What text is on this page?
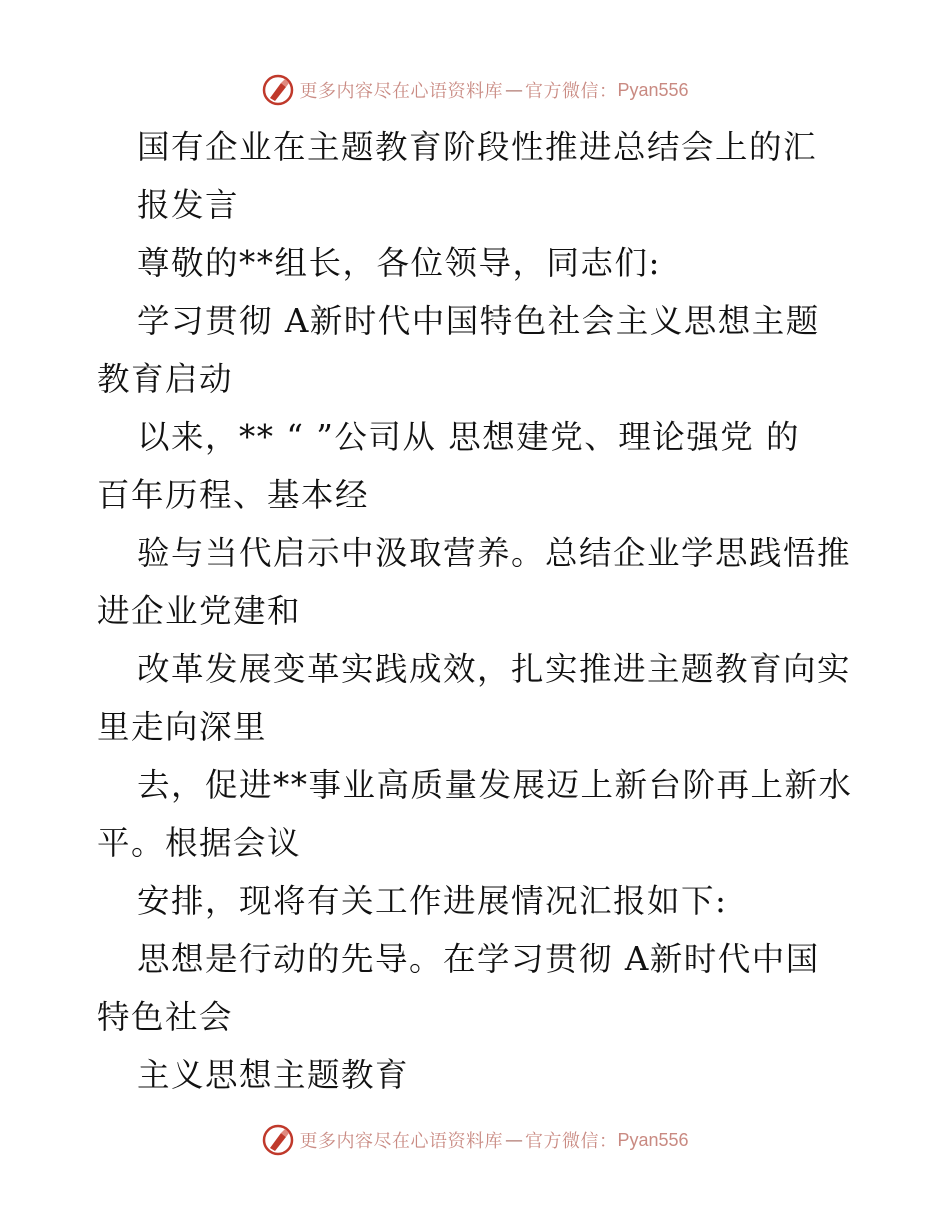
更多内容尽在心语资料库 — 官方微信： Pyan556
国有企业在主题教育阶段性推进总结会上的汇
报发言
尊敬的**组长，各位领导，同志们:
学习贯彻 A新时代中国特色社会主义思想主题
教育启动
以来，** “ ”公司从 思想建党、理论强党 的
百年历程、基本经
验与当代启示中汲取营养。总结企业学思践悟推
进企业党建和
改革发展变革实践成效，扎实推进主题教育向实
里走向深里
去，促进**事业高质量发展迈上新台阶再上新水
平。根据会议
安排，现将有关工作进展情况汇报如下:
思想是行动的先导。在学习贯彻 A新时代中国
特色社会
主义思想主题教育
更多内容尽在心语资料库 — 官方微信： Pyan556
